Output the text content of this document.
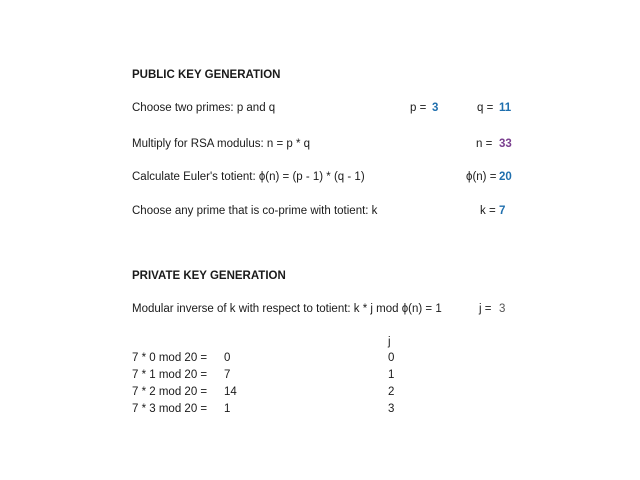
PUBLIC KEY GENERATION
Choose two primes: p and q	p = 3	q = 11
Multiply for RSA modulus: n = p * q	n = 33
Calculate Euler's totient: ϕ(n) = (p - 1) * (q - 1)	ϕ(n) = 20
Choose any prime that is co-prime with totient: k	k = 7
PRIVATE KEY GENERATION
Modular inverse of k with respect to totient: k * j mod ϕ(n) = 1	j = 3
j
7 * 0 mod 20 = 0	0
7 * 1 mod 20 = 7	1
7 * 2 mod 20 = 14	2
7 * 3 mod 20 = 1	3
